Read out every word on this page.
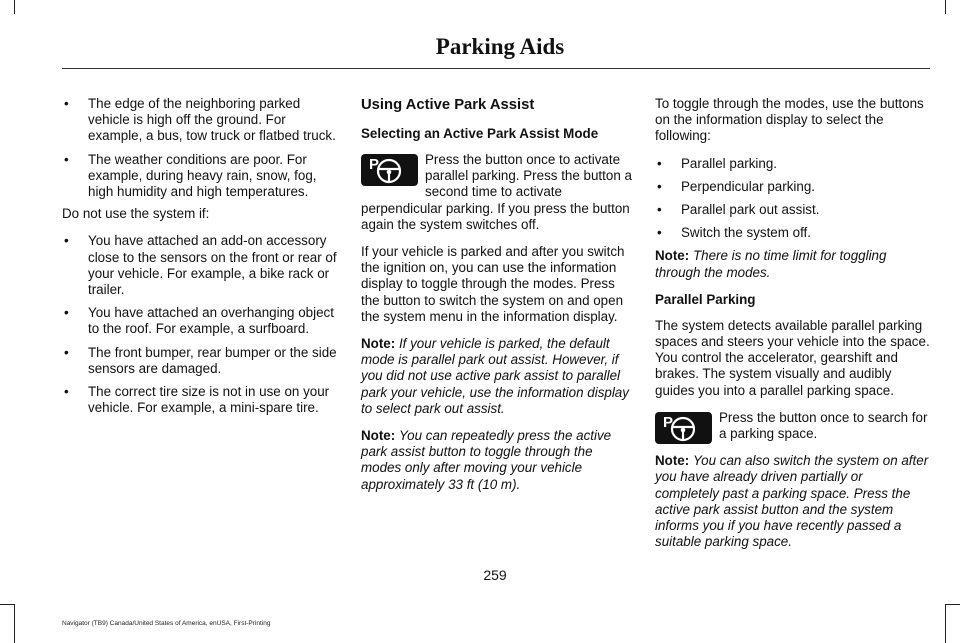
Parking Aids
• The edge of the neighboring parked vehicle is high off the ground. For example, a bus, tow truck or flatbed truck.
• The weather conditions are poor. For example, during heavy rain, snow, fog, high humidity and high temperatures.

Do not use the system if:

• You have attached an add-on accessory close to the sensors on the front or rear of your vehicle. For example, a bike rack or trailer.
• You have attached an overhanging object to the roof. For example, a surfboard.
• The front bumper, rear bumper or the side sensors are damaged.
• The correct tire size is not in use on your vehicle. For example, a mini-spare tire.
Using Active Park Assist
Selecting an Active Park Assist Mode

P	Press the button once to activate parallel parking. Press the button a second time to activate perpendicular parking. If you press the button again the system switches off.

If your vehicle is parked and after you switch the ignition on, you can use the information display to toggle through the modes. Press the button to switch the system on and open the system menu in the information display.

Note: If your vehicle is parked, the default mode is parallel park out assist. However, if you did not use active park assist to parallel park your vehicle, use the information display to select park out assist.

Note: You can repeatedly press the active park assist button to toggle through the modes only after moving your vehicle approximately 33 ft (10 m).

To toggle through the modes, use the buttons on the information display to select the following:

• Parallel parking.
• Perpendicular parking.
• Parallel park out assist.
• Switch the system off.

Note: There is no time limit for toggling through the modes.

Parallel Parking

The system detects available parallel parking spaces and steers your vehicle into the space. You control the accelerator, gearshift and brakes. The system visually and audibly guides you into a parallel parking space.

P	Press the button once to search for a parking space.

Note: You can also switch the system on after you have already driven partially or completely past a parking space. Press the active park assist button and the system informs you if you have recently passed a suitable parking space.

259
Navigator (TB9) Canada/United States of America, enUSA, First-Printing
